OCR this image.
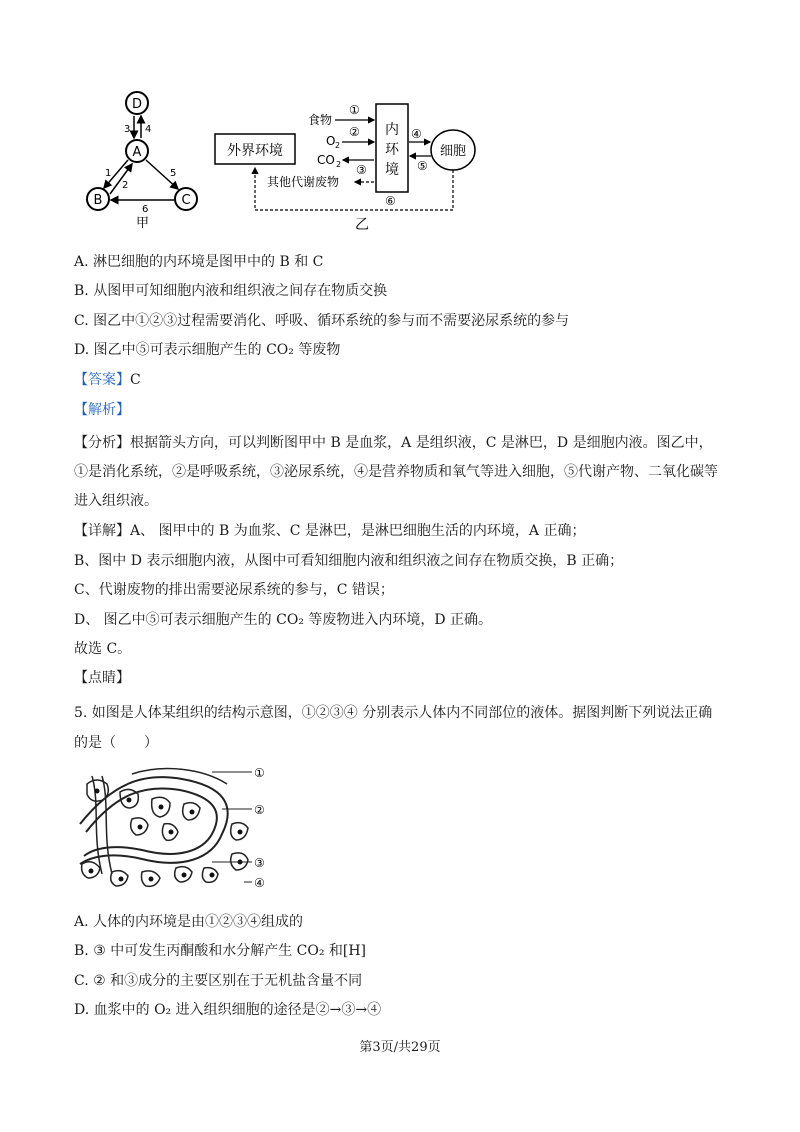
D
A
B	C
3 4
1
2
5
6
甲
外界环境
内
环
境
细胞
食物
①
O 2
②
CO 2 ③
其他代谢废物
④
⑤
⑥
乙
A. 淋巴细胞的内环境是图甲中的 B 和 C
B. 从图甲可知细胞内液和组织液之间存在物质交换
C. 图乙中①②③过程需要消化、呼吸、循环系统的参与而不需要泌尿系统的参与
D. 图乙中⑤可表示细胞产生的 CO₂ 等废物
【答案】C
【解析】
【分析】根据箭头方向，可以判断图甲中 B 是血浆，A 是组织液，C 是淋巴，D 是细胞内液。图乙中，①是消化系统，②是呼吸系统，③泌尿系统，④是营养物质和氧气等进入细胞，⑤代谢产物、二氧化碳等进入组织液。
【详解】A、 图甲中的 B 为血浆、C 是淋巴，是淋巴细胞生活的内环境，A 正确；
B、图中 D 表示细胞内液，从图中可看知细胞内液和组织液之间存在物质交换，B 正确；
C、代谢废物的排出需要泌尿系统的参与，C 错误；
D、 图乙中⑤可表示细胞产生的 CO₂ 等废物进入内环境，D 正确。
故选 C。
【点睛】
5. 如图是人体某组织的结构示意图，①②③④ 分别表示人体内不同部位的液体。据图判断下列说法正确的是（　　）
①
②
③
④
A. 人体的内环境是由①②③④组成的
B. ③ 中可发生丙酮酸和水分解产生 CO₂ 和[H]
C. ② 和③成分的主要区别在于无机盐含量不同
D. 血浆中的 O₂ 进入组织细胞的途径是②→③→④
第3页/共29页
